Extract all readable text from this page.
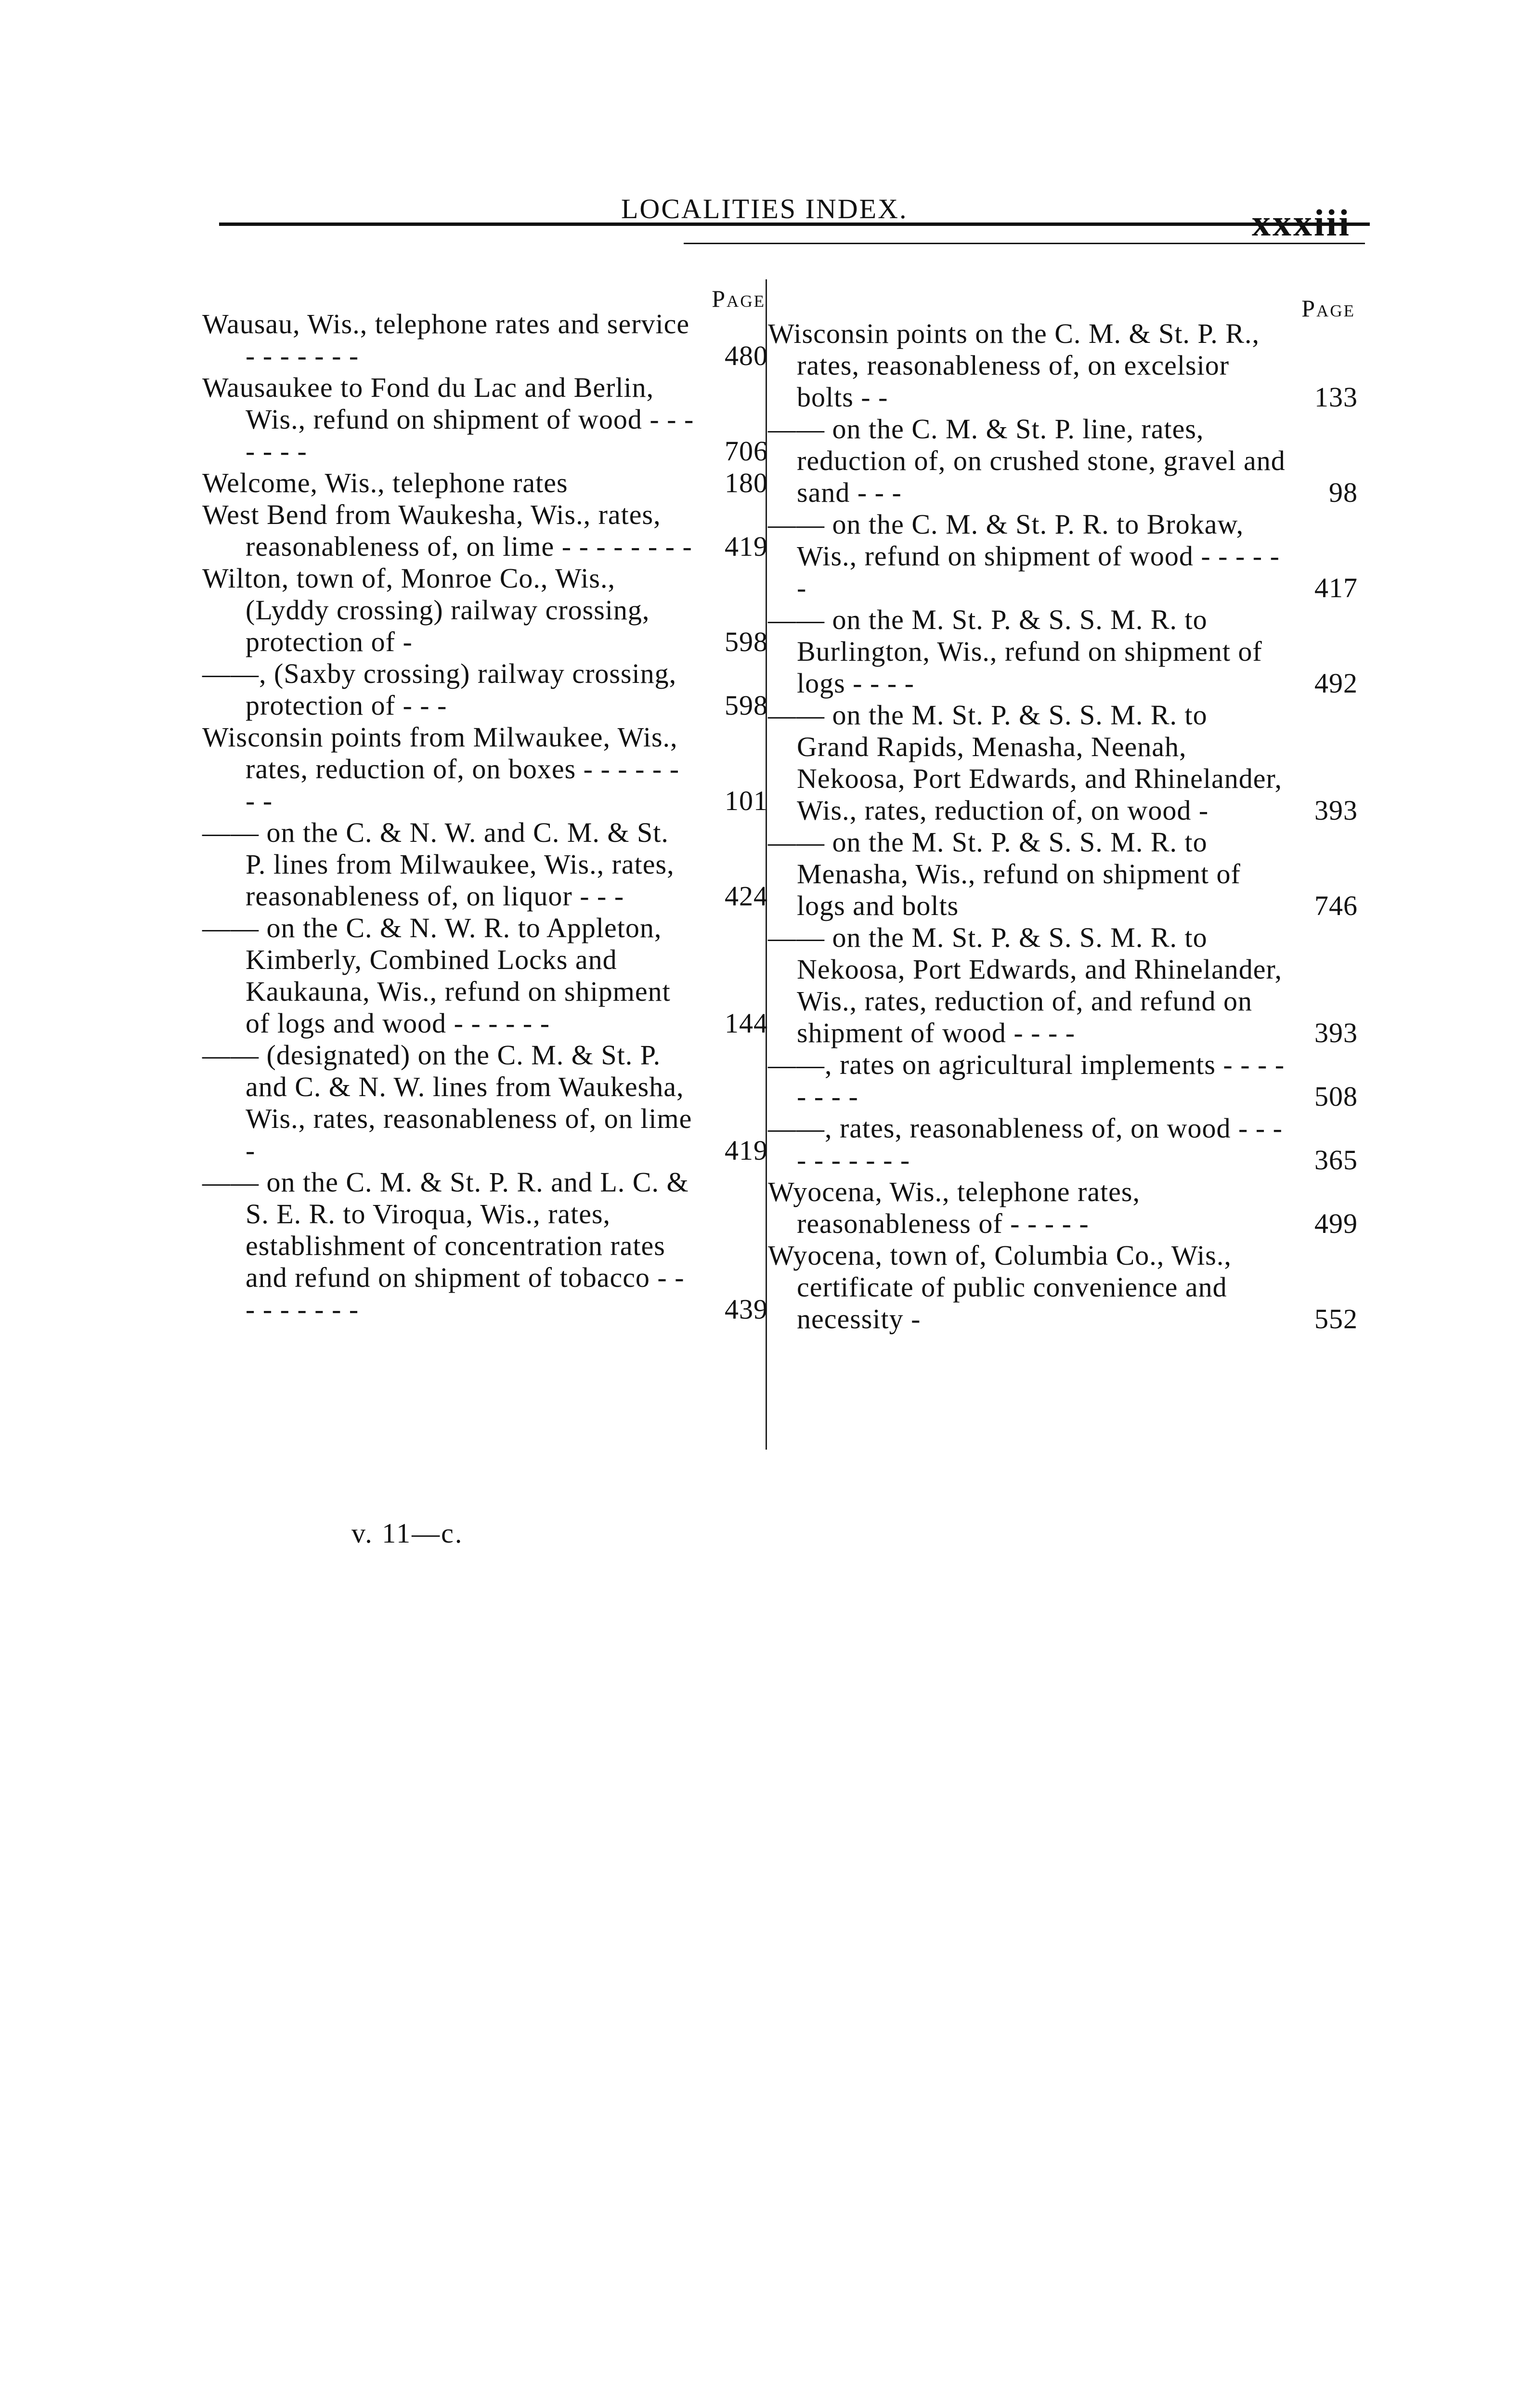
LOCALITIES INDEX.	xxxiii
Page
Wausau, Wis., telephone rates and service - - - - - - -	480
Wausaukee to Fond du Lac and Berlin, Wis., refund on shipment of wood - - - - - - -	706
Welcome, Wis., telephone rates	180
West Bend from Waukesha, Wis., rates, reasonableness of, on lime - - - - - - - -	419
Wilton, town of, Monroe Co., Wis., (Lyddy crossing) railway crossing, protection of -	598
——, (Saxby crossing) railway crossing, protection of - - -	598
Wisconsin points from Milwaukee, Wis., rates, reduction of, on boxes - - - - - - - -	101
—— on the C. & N. W. and C. M. & St. P. lines from Milwaukee, Wis., rates, reasonableness of, on liquor - - -	424
—— on the C. & N. W. R. to Appleton, Kimberly, Combined Locks and Kaukauna, Wis., refund on shipment of logs and wood - - - - - -	144
—— (designated) on the C. M. & St. P. and C. & N. W. lines from Waukesha, Wis., rates, reasonableness of, on lime -	419
—— on the C. M. & St. P. R. and L. C. & S. E. R. to Viroqua, Wis., rates, establishment of concentration rates and refund on shipment of tobacco - - - - - - - - -	439
Page
Wisconsin points on the C. M. & St. P. R., rates, reasonableness of, on excelsior bolts - -	133
—— on the C. M. & St. P. line, rates, reduction of, on crushed stone, gravel and sand - - -	98
—— on the C. M. & St. P. R. to Brokaw, Wis., refund on shipment of wood - - - - - -	417
—— on the M. St. P. & S. S. M. R. to Burlington, Wis., refund on shipment of logs - - - -	492
—— on the M. St. P. & S. S. M. R. to Grand Rapids, Menasha, Neenah, Nekoosa, Port Edwards, and Rhinelander, Wis., rates, reduction of, on wood -	393
—— on the M. St. P. & S. S. M. R. to Menasha, Wis., refund on shipment of logs and bolts	746
—— on the M. St. P. & S. S. M. R. to Nekoosa, Port Edwards, and Rhinelander, Wis., rates, reduction of, and refund on shipment of wood - - - -	393
——, rates on agricultural implements - - - - - - - -	508
——, rates, reasonableness of, on wood - - - - - - - - - -	365
Wyocena, Wis., telephone rates, reasonableness of - - - - -	499
Wyocena, town of, Columbia Co., Wis., certificate of public convenience and necessity -	552
v. 11—c.
